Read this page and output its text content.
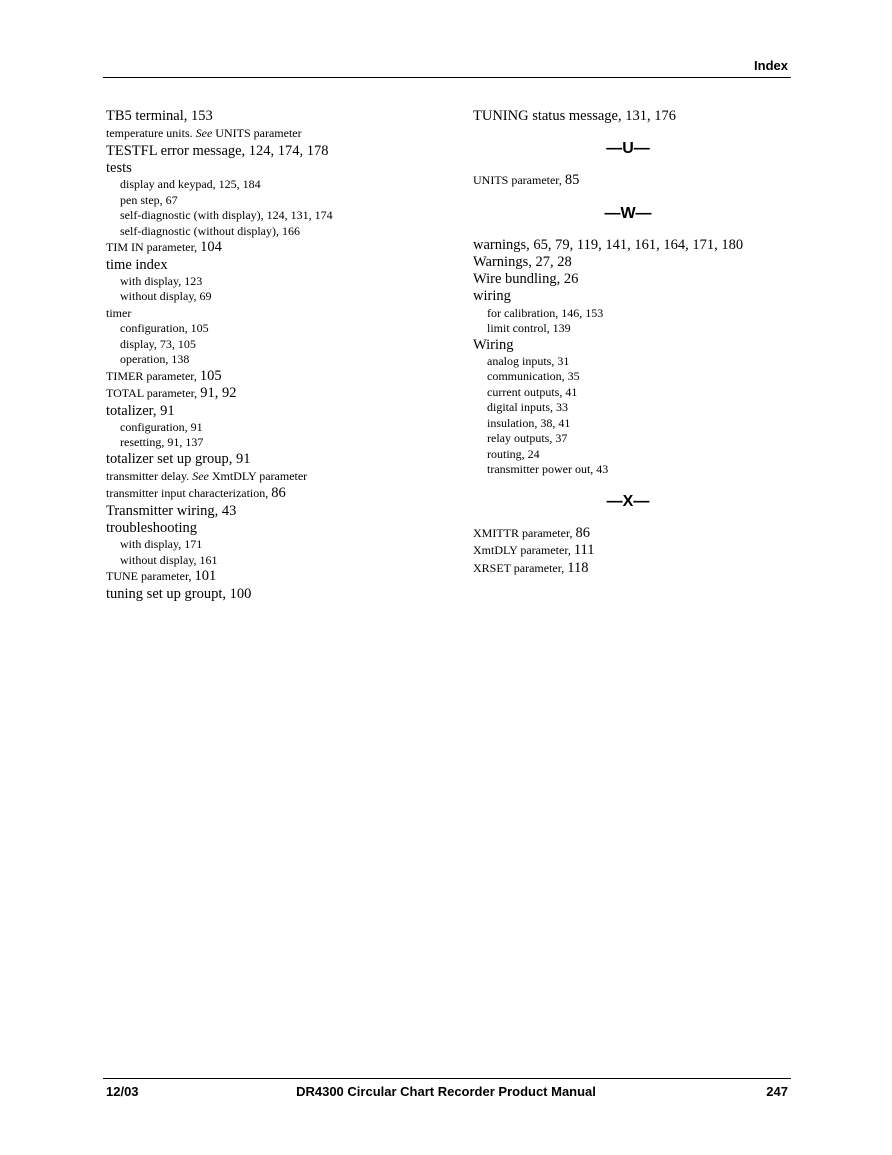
Index
TB5 terminal, 153
temperature units. See UNITS parameter
TESTFL error message, 124, 174, 178
tests
display and keypad, 125, 184
pen step, 67
self-diagnostic (with display), 124, 131, 174
self-diagnostic (without display), 166
TIM IN parameter, 104
time index
with display, 123
without display, 69
timer
configuration, 105
display, 73, 105
operation, 138
TIMER parameter, 105
TOTAL parameter, 91, 92
totalizer, 91
configuration, 91
resetting, 91, 137
totalizer set up group, 91
transmitter delay. See XmtDLY parameter
transmitter input characterization, 86
Transmitter wiring, 43
troubleshooting
with display, 171
without display, 161
TUNE parameter, 101
tuning set up groupt, 100
TUNING status message, 131, 176
—U—
UNITS parameter, 85
—W—
warnings, 65, 79, 119, 141, 161, 164, 171, 180
Warnings, 27, 28
Wire bundling, 26
wiring
for calibration, 146, 153
limit control, 139
Wiring
analog inputs, 31
communication, 35
current outputs, 41
digital inputs, 33
insulation, 38, 41
relay outputs, 37
routing, 24
transmitter power out, 43
—X—
XMITTR parameter, 86
XmtDLY parameter, 111
XRSET parameter, 118
12/03	DR4300 Circular Chart Recorder Product Manual	247
